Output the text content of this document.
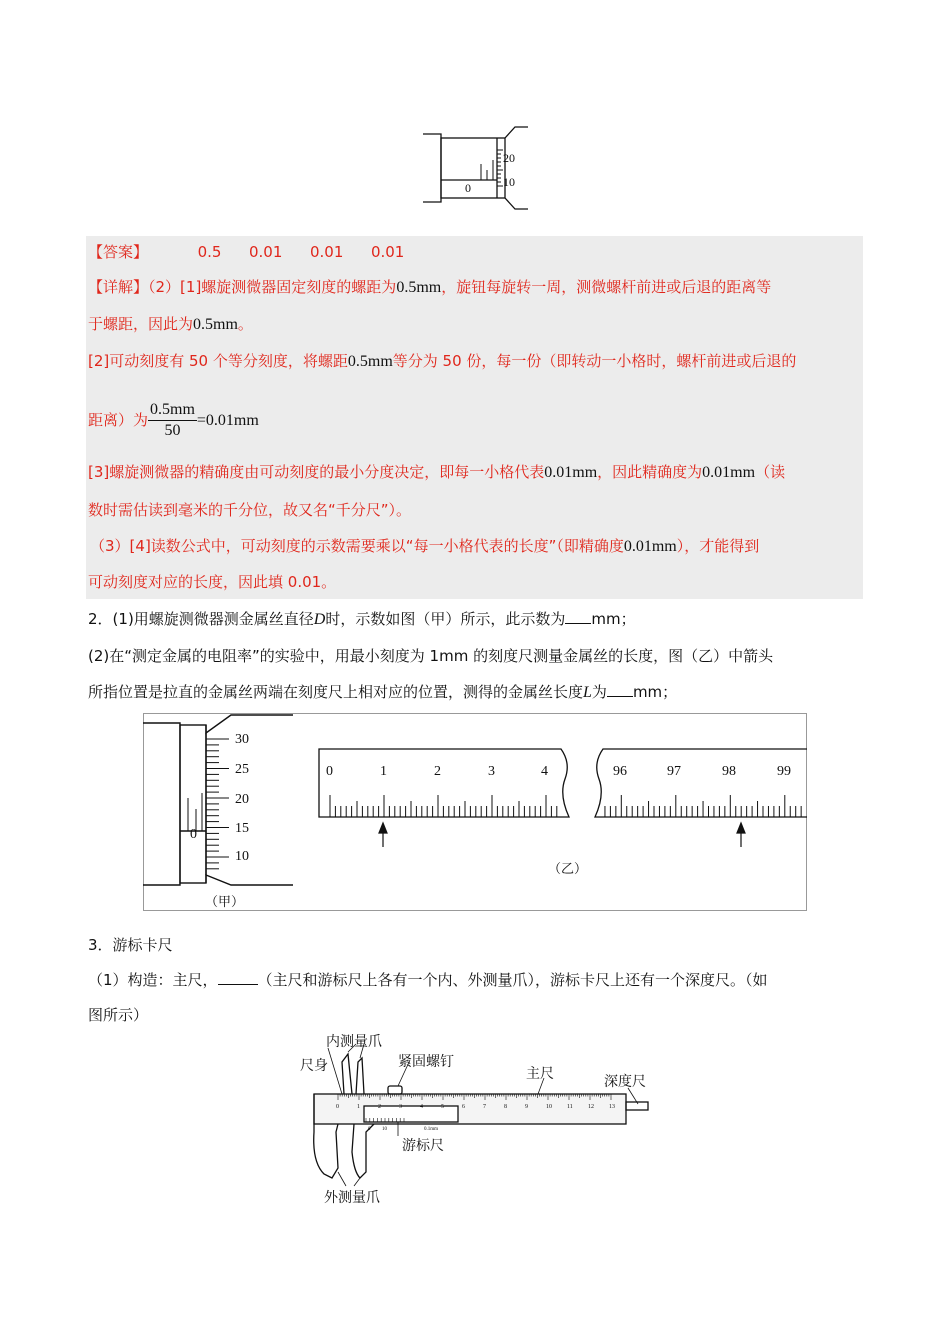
20
10
0
【答案】	0.5 0.01 0.01 0.01
【详解】（2）[1]螺旋测微器固定刻度的螺距为0.5mm，旋钮每旋转一周，测微螺杆前进或后退的距离等
于螺距，因此为0.5mm。
[2]可动刻度有 50 个等分刻度，将螺距0.5mm等分为 50 份，每一份（即转动一小格时，螺杆前进或后退的
距离）为 $\frac{0.5mm}{50} =0.01mm$
[3]螺旋测微器的精确度由可动刻度的最小分度决定，即每一小格代表0.01mm，因此精确度为0.01mm（读
数时需估读到毫米的千分位，故又名“千分尺”）。
（3）[4]读数公式中，可动刻度的示数需要乘以“每一小格代表的长度”（即精确度0.01mm），才能得到
可动刻度对应的长度，因此填 0.01。
2．(1)用螺旋测微器测金属丝直径D时，示数如图（甲）所示，此示数为 mm；
(2)在“测定金属的电阻率”的实验中，用最小刻度为 1mm 的刻度尺测量金属丝的长度，图（乙）中箭头
所指位置是拉直的金属丝两端在刻度尺上相对应的位置，测得的金属丝长度L为 mm；
30
25
20
15
10
0
（甲）
0	1	2	3	4	96	97	98	99
（乙）
3．游标卡尺
（1）构造：主尺，	（主尺和游标尺上各有一个内、外测量爪），游标卡尺上还有一个深度尺。（如
图所示）
内测量爪
尺身	紧固螺钉
主尺
深度尺
游标尺
外测量爪
0	1	2	3	4	5	6	7	8	9	10	11	12	13
0 10	0.1mm
